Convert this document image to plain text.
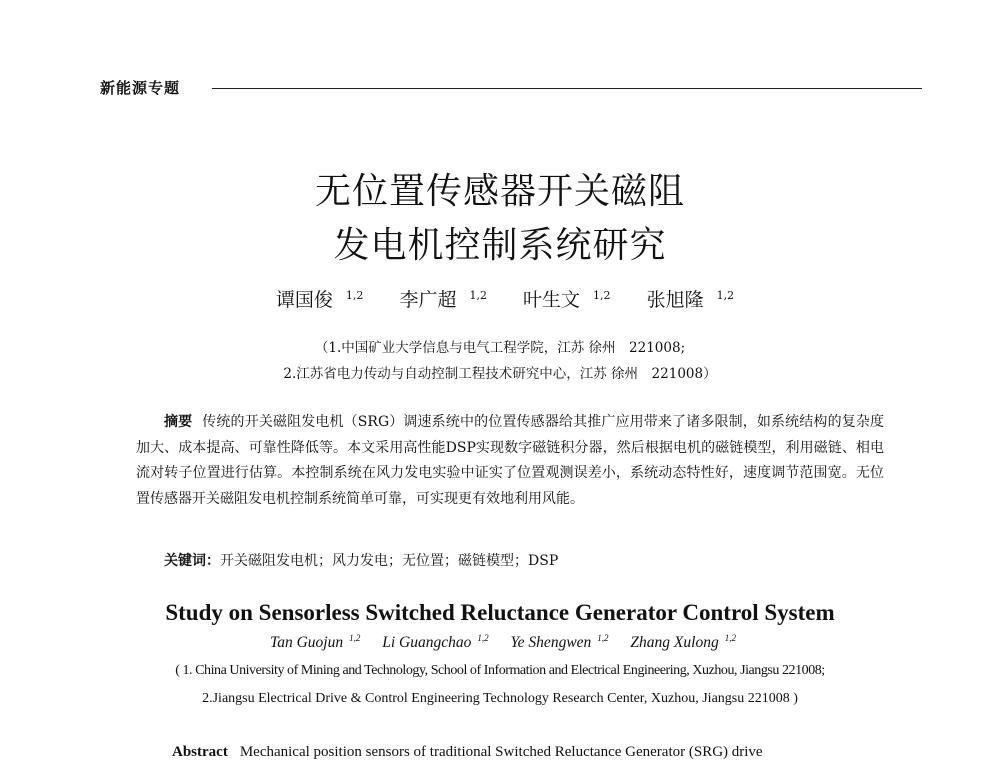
新能源专题
无位置传感器开关磁阻
发电机控制系统研究
谭国俊 $^{1,2}$ 李广超 $^{1,2}$ 叶生文 $^{1,2}$ 张旭隆 $^{1,2}$
（1.中国矿业大学信息与电气工程学院，江苏 徐州　221008;
2.江苏省电力传动与自动控制工程技术研究中心，江苏 徐州　221008）
摘要 传统的开关磁阻发电机（SRG）调速系统中的位置传感器给其推广应用带来了诸多限制，如系统结构的复杂度加大、成本提高、可靠性降低等。本文采用高性能DSP实现数字磁链积分器，然后根据电机的磁链模型，利用磁链、相电流对转子位置进行估算。本控制系统在风力发电实验中证实了位置观测误差小，系统动态特性好，速度调节范围宽。无位置传感器开关磁阻发电机控制系统简单可靠，可实现更有效地利用风能。
关键词：开关磁阻发电机；风力发电；无位置；磁链模型；DSP
Study on Sensorless Switched Reluctance Generator Control System
Tan Guojun $^{1,2}$ Li Guangchao $^{1,2}$ Ye Shengwen $^{1,2}$ Zhang Xulong $^{1,2}$
( 1. China University of Mining and Technology, School of Information and Electrical Engineering, Xuzhou, Jiangsu 221008;
2.Jiangsu Electrical Drive & Control Engineering Technology Research Center, Xuzhou, Jiangsu 221008 )
Abstract Mechanical position sensors of traditional Switched Reluctance Generator (SRG) drive
